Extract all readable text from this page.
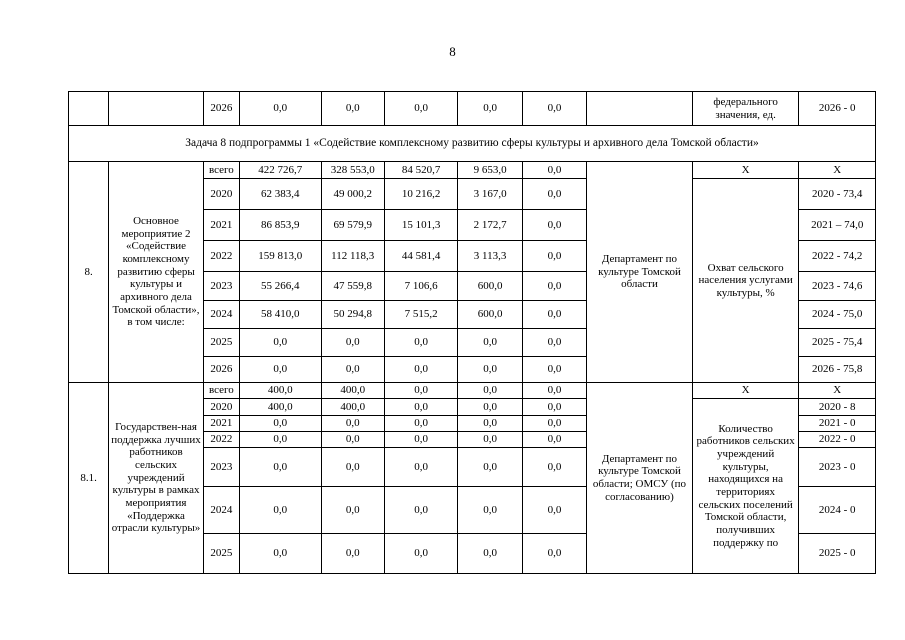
8
		2026	0,0	0,0	0,0	0,0	0,0		федерального значения, ед.	2026 - 0
Задача 8 подпрограммы 1 «Содействие комплексному развитию сферы культуры и архивного дела Томской области»										
8.	Основное мероприятие 2 «Содействие комплексному развитию сферы культуры и архивного дела Томской области», в том числе:	всего	422 726,7	328 553,0	84 520,7	9 653,0	0,0	Департамент по культуре Томской области	X	X
		2020	62 383,4	49 000,2	10 216,2	3 167,0	0,0		Охват сельского населения услугами культуры, %	2020 - 73,4
		2021	86 853,9	69 579,9	15 101,3	2 172,7	0,0			2021 – 74,0
		2022	159 813,0	112 118,3	44 581,4	3 113,3	0,0			2022 - 74,2
		2023	55 266,4	47 559,8	7 106,6	600,0	0,0			2023 - 74,6
		2024	58 410,0	50 294,8	7 515,2	600,0	0,0			2024 - 75,0
		2025	0,0	0,0	0,0	0,0	0,0			2025 - 75,4
		2026	0,0	0,0	0,0	0,0	0,0			2026 - 75,8
8.1.	Государствен-ная поддержка лучших работников сельских учреждений культуры в рамках мероприятия «Поддержка отрасли культуры»	всего	400,0	400,0	0,0	0,0	0,0	Департамент по культуре Томской области; ОМСУ (по согласованию)	X	X
		2020	400,0	400,0	0,0	0,0	0,0		Количество работников сельских учреждений культуры, находящихся на территориях сельских поселений Томской области, получивших поддержку по	2020 - 8
		2021	0,0	0,0	0,0	0,0	0,0			2021 - 0
		2022	0,0	0,0	0,0	0,0	0,0			2022 - 0
		2023	0,0	0,0	0,0	0,0	0,0			2023 - 0
		2024	0,0	0,0	0,0	0,0	0,0			2024 - 0
		2025	0,0	0,0	0,0	0,0	0,0			2025 - 0
